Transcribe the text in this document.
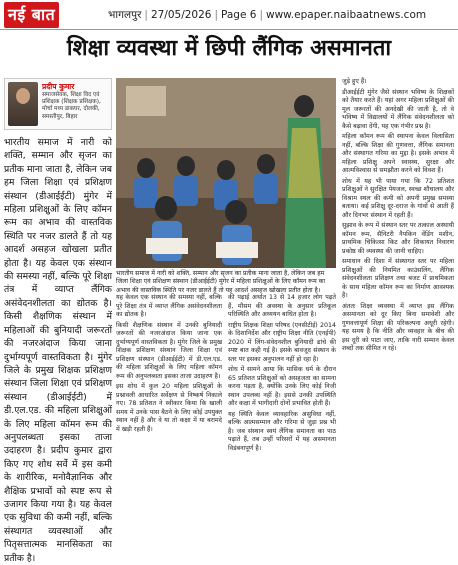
नई बात	भागलपुर | 27/05/2026 | Page 6 | www.epaper.naibaatnews.com
शिक्षा व्यवस्था में छिपी लैंगिक असमानता
प्रदीप कुमार
समाजसेवक, शिक्षा विद एवं प्रशिक्षक (शिक्षक प्रशिक्षक), मोर्चा मध्य डाकघर, दोलकी, समस्तीपुर, बिहार
भारतीय समाज में नारी को शक्ति, सम्मान और सृजन का प्रतीक माना जाता है, लेकिन जब हम जिला शिक्षा एवं प्रशिक्षण संस्थान (डीआईईटी) मुंगेर में महिला प्रशिक्षुओं के लिए कॉमन रूम का अभाव की वास्तविक स्थिति पर नजर डालते हैं तो यह आदर्श असहज खोखला प्रतीत होता है। यह केवल एक संस्थान की समस्या नहीं, बल्कि पूरे शिक्षा तंत्र में व्याप्त लैंगिक असंवेदनशीलता का द्योतक है। किसी शैक्षणिक संस्थान में महिलाओं की बुनियादी जरूरतों की नजरअंदाज किया जाना दुर्भाग्यपूर्ण वास्तविकता है। मुंगेर जिले के प्रमुख शिक्षक प्रशिक्षण संस्थान जिला शिक्षा एवं प्रशिक्षण संस्थान (डीआईईटी) में डी.एल.एड. की महिला प्रशिक्षुओं के लिए महिला कॉमन रूम की अनुपलब्धता इसका ताजा उदाहरण है। प्रदीप कुमार द्वारा किए गए शोध सर्वे में इस कमी के शारीरिक, मनोवैज्ञानिक और शैक्षिक प्रभावों को स्पष्ट रूप से उजागर किया गया है। यह केवल एक सुविधा की कमी नहीं, बल्कि संस्थागत व्यवस्थाओं और पितृसत्तात्मक मानसिकता का प्रतीक है।
भारतीय समाज में नारी को शक्ति, सम्मान और सृजन का प्रतीक माना जाता है, लेकिन जब हम जिला शिक्षा एवं प्रशिक्षण संस्थान (डीआईईटी) मुंगेर में महिला प्रशिक्षुओं के लिए कॉमन रूम का अभाव की वास्तविक स्थिति पर नजर डालते हैं तो यह आदर्श असहज खोखला प्रतीत होता है।

यह केवल एक संस्थान की समस्या नहीं, बल्कि पूरे शिक्षा तंत्र में व्याप्त लैंगिक असंवेदनशीलता का द्योतक है।

किसी शैक्षणिक संस्थान में उनकी बुनियादी जरूरतों की नजरअंदाज किया जाना एक दुर्भाग्यपूर्ण वास्तविकता है। मुंगेर जिले के प्रमुख शिक्षक प्रशिक्षण संस्थान जिला शिक्षा एवं प्रशिक्षण संस्थान (डीआईईटी) में डी.एल.एड. की महिला प्रशिक्षुओं के लिए महिला कॉमन रूम की अनुपलब्धता इसका ताजा उदाहरण है।

इस शोध में कुल 20 महिला प्रशिक्षुओं के प्रश्नावली आधारित सर्वेक्षण से निष्कर्ष निकाले गए। 78 प्रतिशत ने स्वीकार किया कि खाली समय में उनके पास बैठने के लिए कोई उपयुक्त स्थान नहीं है और वे या तो कक्षा में या बरामदे में खड़ी रहती हैं।

की पढ़ाई अर्थात 13 से 14 हजार लोग पढ़ते हैं, मौसम की अवस्था के अनुसार प्रतिकूल परिस्थिति और अध्ययन बाधित होता है।

राष्ट्रीय शिक्षक शिक्षा परिषद (एनसीटीई) 2014 के दिशानिर्देश और राष्ट्रीय शिक्षा नीति (एनईपी) 2020 में लिंग-संवेदनशील बुनियादी ढांचे की स्पष्ट बात कही गई है। इसके बावजूद संस्थान के स्तर पर इसका अनुपालन नहीं हो रहा है।

शोध में सामने आया कि मासिक धर्म के दौरान 65 प्रतिशत प्रशिक्षुओं को असहजता का सामना करना पड़ता है, क्योंकि उनके लिए कोई निजी स्थान उपलब्ध नहीं है। इससे उनकी उपस्थिति और कक्षा में भागीदारी दोनों प्रभावित होती हैं।

यह स्थिति केवल व्यावहारिक असुविधा नहीं, बल्कि आत्मसम्मान और गरिमा से जुड़ा प्रश्न भी है। जब संस्थान स्वयं लैंगिक समानता का पाठ पढ़ाते हैं, तब उन्हीं परिसरों में यह असमानता विडंबनापूर्ण है।

जुड़े हुए हैं।

डीआईईटी मुंगेर जैसे संस्थान भविष्य के शिक्षकों को तैयार करते हैं। यहां अगर महिला प्रशिक्षुओं की मूल जरूरतों की अनदेखी की जाती है, तो वे भविष्य में विद्यालयों में लैंगिक संवेदनशीलता को कैसे बढ़ावा देंगी, यह एक गंभीर प्रश्न है।

महिला कॉमन रूम की स्थापना केवल विलासिता नहीं, बल्कि शिक्षा की गुणवत्ता, लैंगिक समानता और संस्थागत गरिमा का मुद्दा है। इसके अभाव में महिला प्रशिक्षु अपने स्वास्थ्य, सुरक्षा और आत्मविश्वास से समझौता करने को विवश हैं।

शोध में यह भी पाया गया कि 72 प्रतिशत प्रशिक्षुओं ने सुरक्षित पेयजल, स्वच्छ शौचालय और विश्राम स्थल की कमी को अपनी प्रमुख समस्या बताया। कई प्रशिक्षु दूर-दराज के गांवों से आती हैं और दिनभर संस्थान में रहती हैं।

सुझाव के रूप में संस्थान स्तर पर तत्काल अस्थायी कॉमन रूम, सैनिटरी नैपकिन वेंडिंग मशीन, प्राथमिक चिकित्सा किट और शिकायत निवारण प्रकोष्ठ की व्यवस्था की जानी चाहिए।

समाधान की दिशा में संस्थागत स्तर पर महिला प्रशिक्षुओं की नियमित काउंसलिंग, लैंगिक संवेदनशीलता प्रशिक्षण तथा बजट में प्राथमिकता के साथ महिला कॉमन रूम का निर्माण आवश्यक है।

अंततः शिक्षा व्यवस्था में व्याप्त इस लैंगिक असमानता को दूर किए बिना समावेशी और गुणवत्तापूर्ण शिक्षा की परिकल्पना अधूरी रहेगी। यह समय है कि नीति और व्यवहार के बीच की इस दूरी को पाटा जाए, ताकि नारी सम्मान केवल शब्दों तक सीमित न रहे।
